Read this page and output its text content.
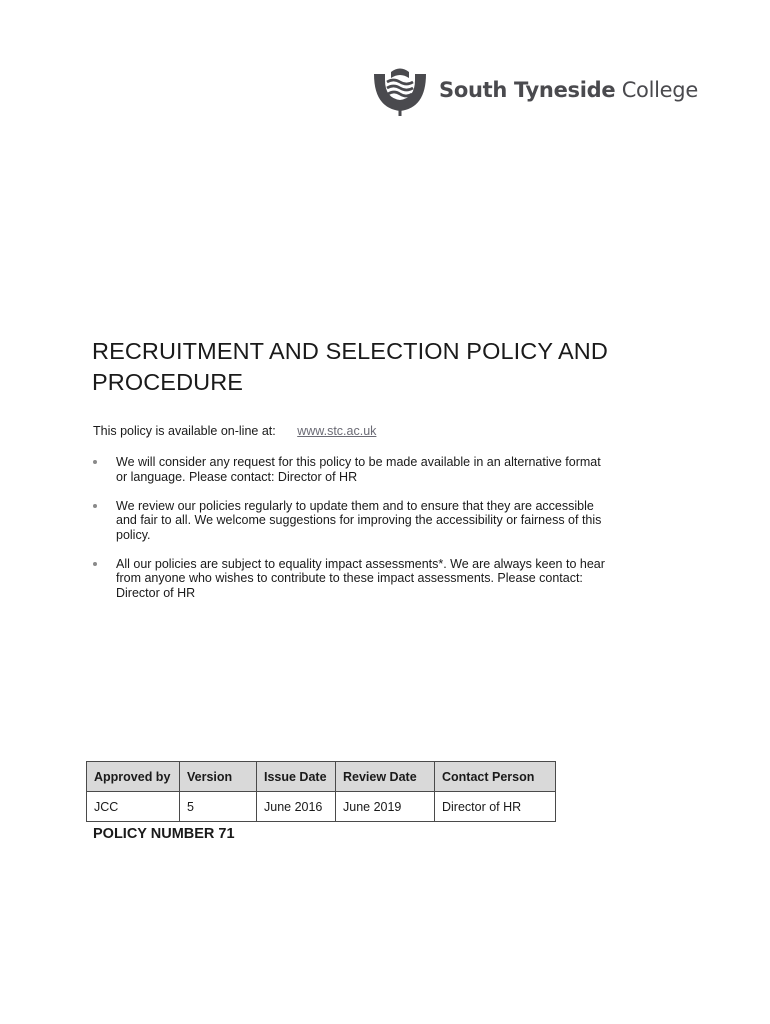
South Tyneside College
RECRUITMENT AND SELECTION POLICY AND PROCEDURE
This policy is available on-line at: www.stc.ac.uk
We will consider any request for this policy to be made available in an alternative format or language. Please contact: Director of HR
We review our policies regularly to update them and to ensure that they are accessible and fair to all. We welcome suggestions for improving the accessibility or fairness of this policy.
All our policies are subject to equality impact assessments*. We are always keen to hear from anyone who wishes to contribute to these impact assessments. Please contact: Director of HR
Approved by	Version	Issue Date	Review Date	Contact Person
JCC	5	June 2016	June 2019	Director of HR
POLICY NUMBER 71
